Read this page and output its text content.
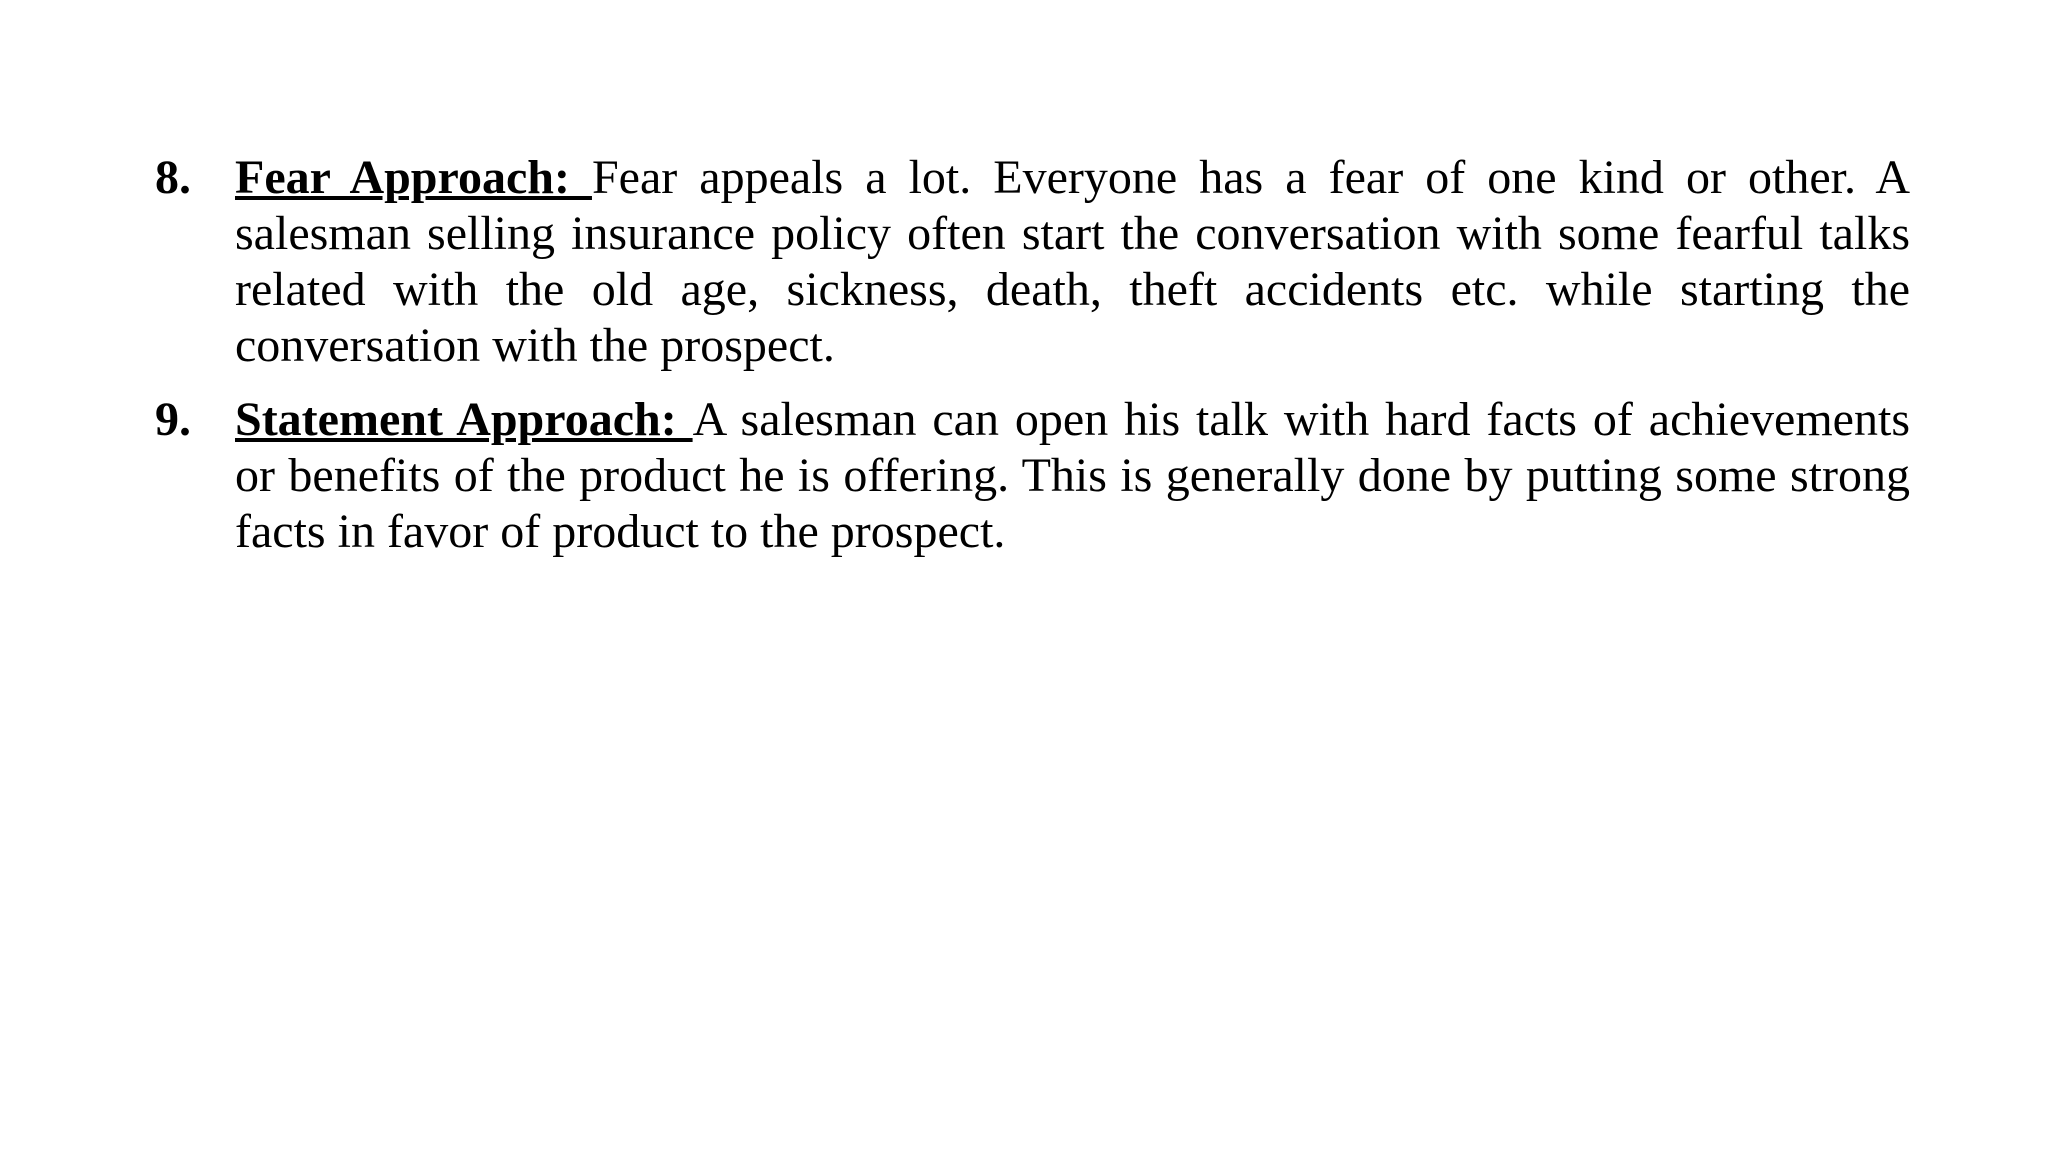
8. Fear Approach: Fear appeals a lot. Everyone has a fear of one kind or other. A salesman selling insurance policy often start the conversation with some fearful talks related with the old age, sickness, death, theft accidents etc. while starting the conversation with the prospect.
9. Statement Approach: A salesman can open his talk with hard facts of achievements or benefits of the product he is offering. This is generally done by putting some strong facts in favor of product to the prospect.
